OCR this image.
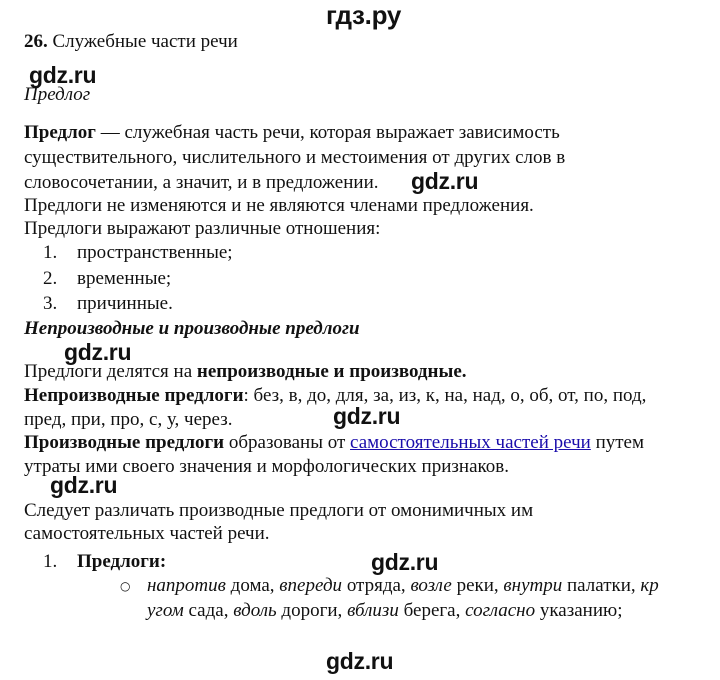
гдз.ру
26. Служебные части речи
gdz.ru
Предлог
Предлог — служебная часть речи, которая выражает зависимость
существительного, числительного и местоимения от других слов в
словосочетании, а значит, и в предложении. gdz.ru
Предлоги не изменяются и не являются членами предложения.
Предлоги выражают различные отношения:
1. пространственные;
2. временные;
3. причинные.
Непроизводные и производные предлоги
gdz.ru
Предлоги делятся на непроизводные и производные.
Непроизводные предлоги: без, в, до, для, за, из, к, на, над, о, об, от, по, под,
пред, при, про, с, у, через.	gdz.ru
Производные предлоги образованы от самостоятельных частей речи путем
утраты ими своего значения и морфологических признаков.
gdz.ru
Следует различать производные предлоги от омонимичных им
самостоятельных частей речи.
1. Предлоги:	gdz.ru
○ напротив дома, впереди отряда, возле реки, внутри палатки, кр
угом сада, вдоль дороги, вблизи берега, согласно указанию;
gdz.ru
